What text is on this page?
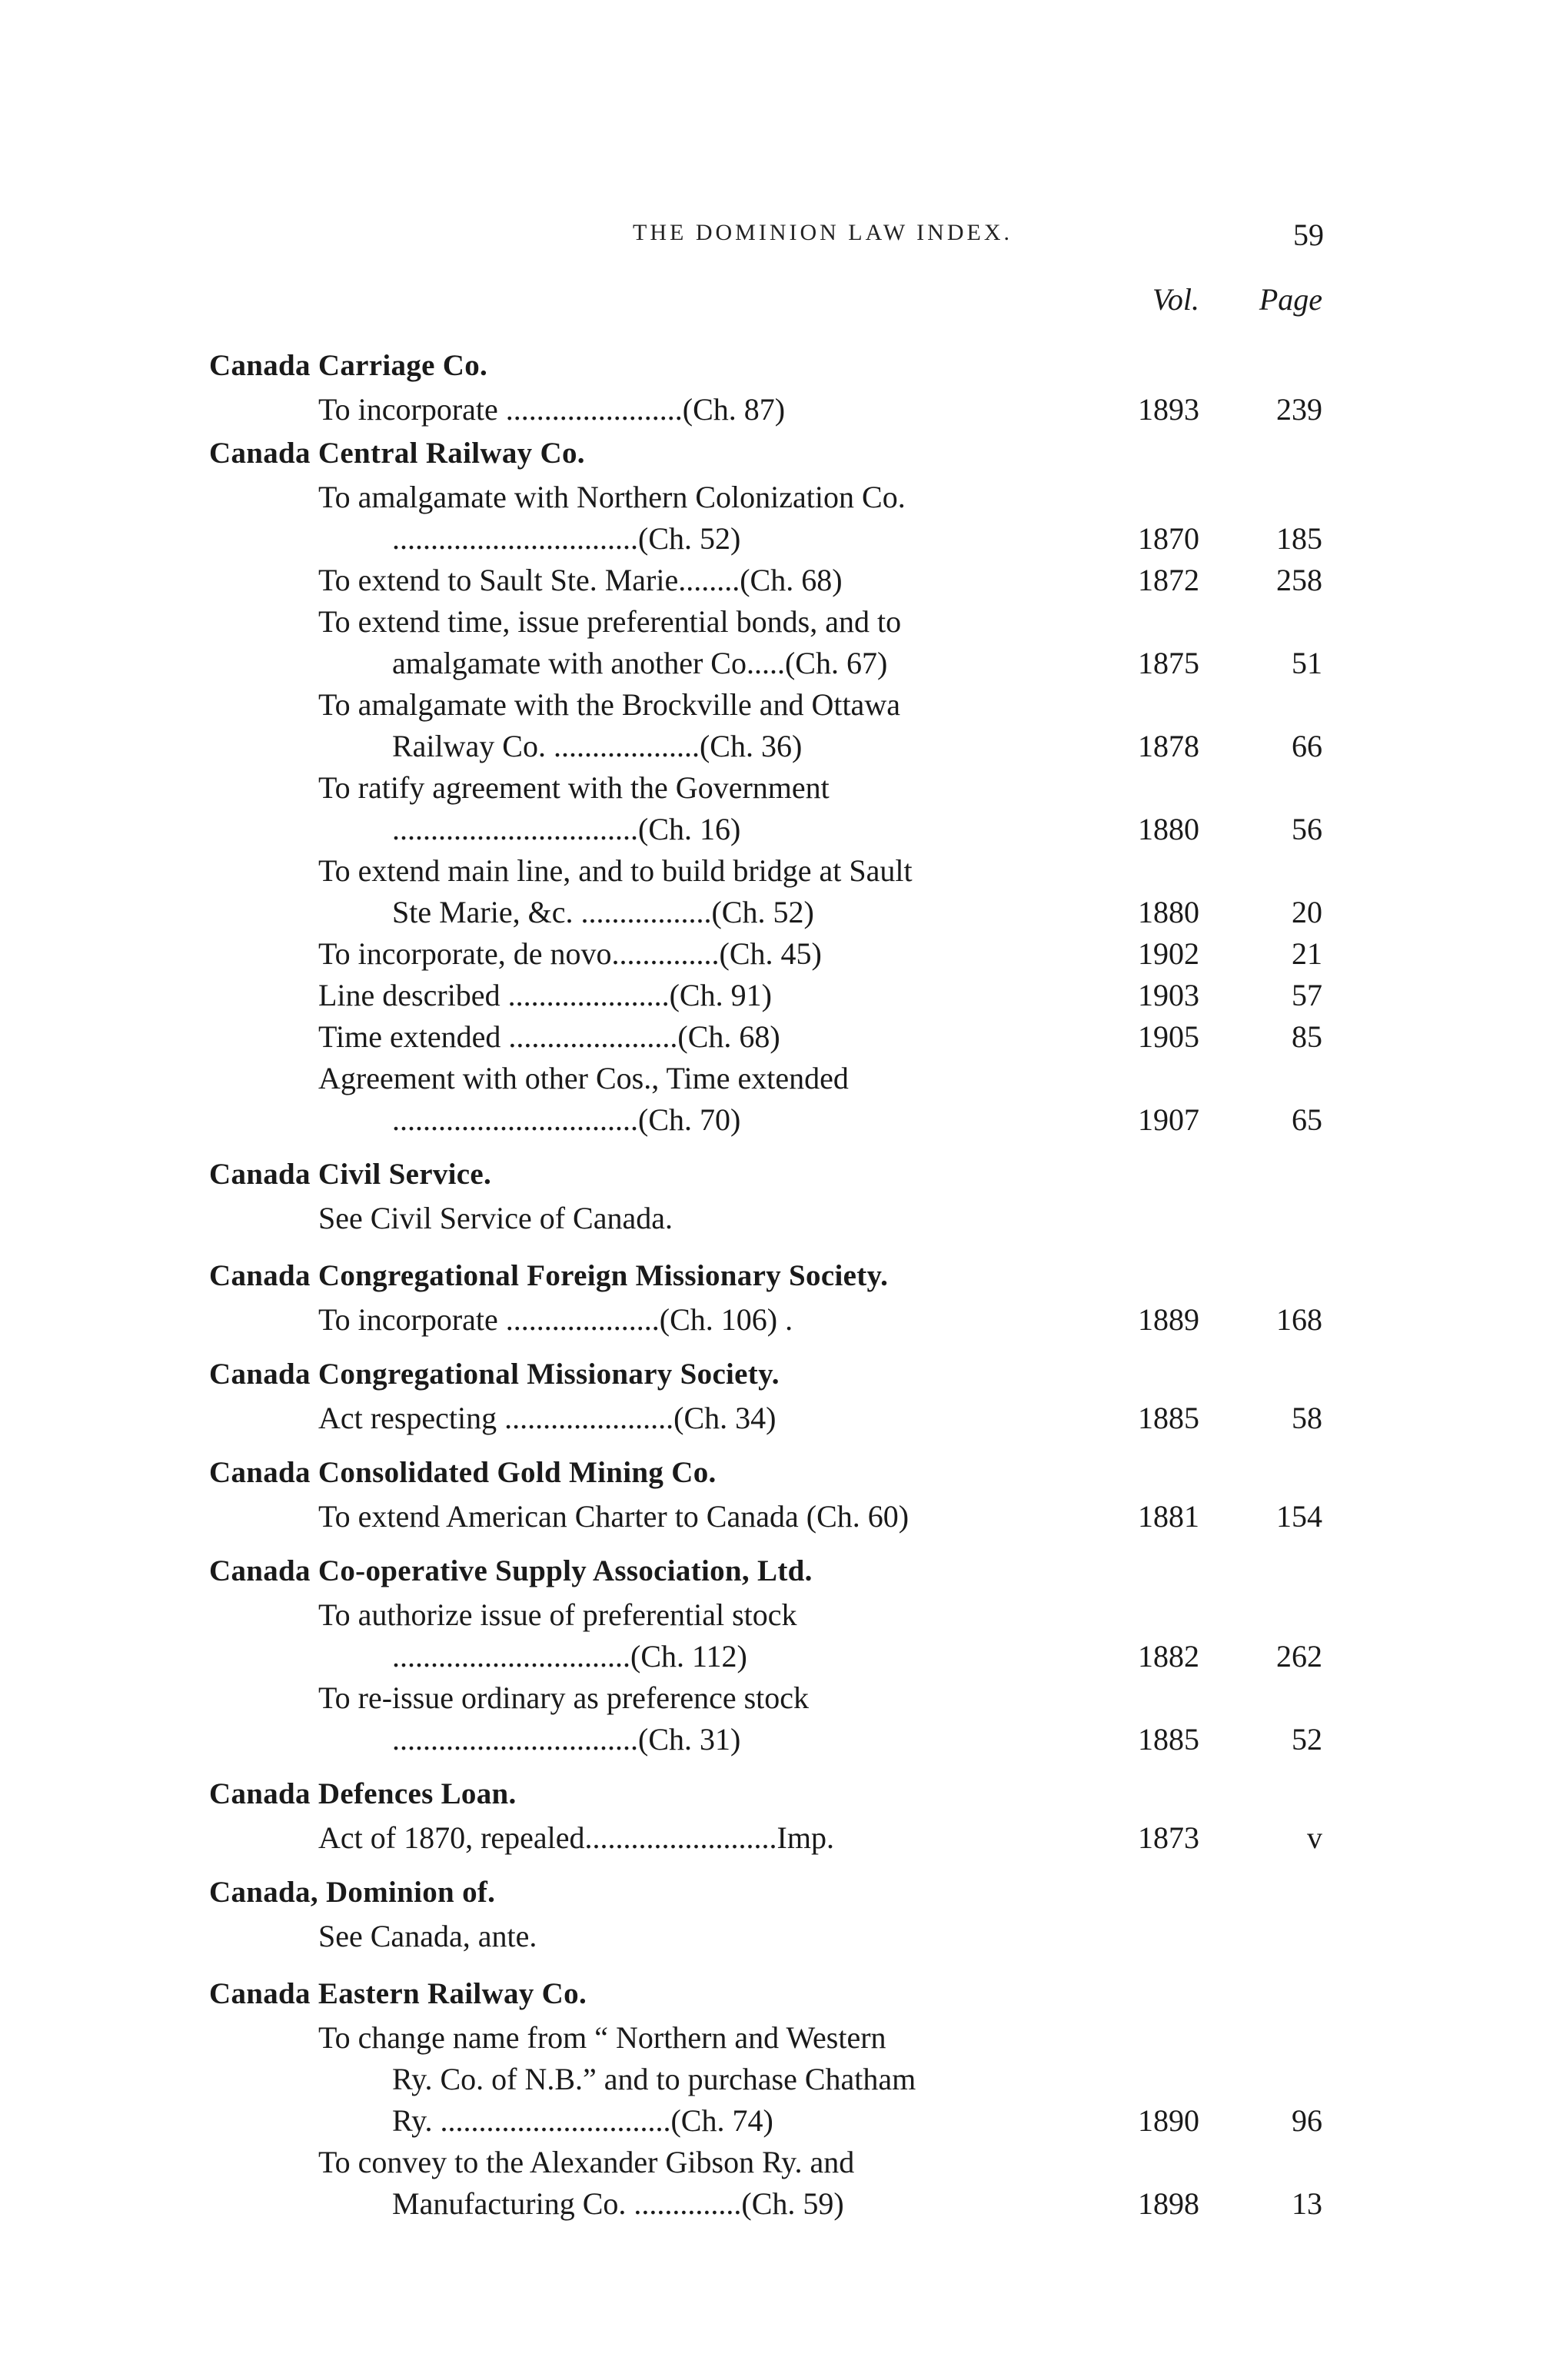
THE DOMINION LAW INDEX.	59
Vol.	Page
Canada Carriage Co.
To incorporate .......................(Ch. 87)	1893	239
Canada Central Railway Co.
To amalgamate with Northern Colonization Co.
................................(Ch. 52)	1870	185
To extend to Sault Ste. Marie........(Ch. 68)	1872	258
To extend time, issue preferential bonds, and to
amalgamate with another Co.....(Ch. 67)	1875	51
To amalgamate with the Brockville and Ottawa
Railway Co. ...................(Ch. 36)	1878	66
To ratify agreement with the Government
................................(Ch. 16)	1880	56
To extend main line, and to build bridge at Sault
Ste Marie, &c. .................(Ch. 52)	1880	20
To incorporate, de novo..............(Ch. 45)	1902	21
Line described .....................(Ch. 91)	1903	57
Time extended ......................(Ch. 68)	1905	85
Agreement with other Cos., Time extended
................................(Ch. 70)	1907	65
Canada Civil Service.
See Civil Service of Canada.
Canada Congregational Foreign Missionary Society.
To incorporate ....................(Ch. 106) .	1889	168
Canada Congregational Missionary Society.
Act respecting ......................(Ch. 34)	1885	58
Canada Consolidated Gold Mining Co.
To extend American Charter to Canada (Ch. 60)	1881	154
Canada Co-operative Supply Association, Ltd.
To authorize issue of preferential stock
...............................(Ch. 112)	1882	262
To re-issue ordinary as preference stock
................................(Ch. 31)	1885	52
Canada Defences Loan.
Act of 1870, repealed.........................Imp.	1873	v
Canada, Dominion of.
See Canada, ante.
Canada Eastern Railway Co.
To change name from “ Northern and Western
Ry. Co. of N.B.” and to purchase Chatham
Ry. ..............................(Ch. 74)	1890	96
To convey to the Alexander Gibson Ry. and
Manufacturing Co. ..............(Ch. 59)	1898	13
